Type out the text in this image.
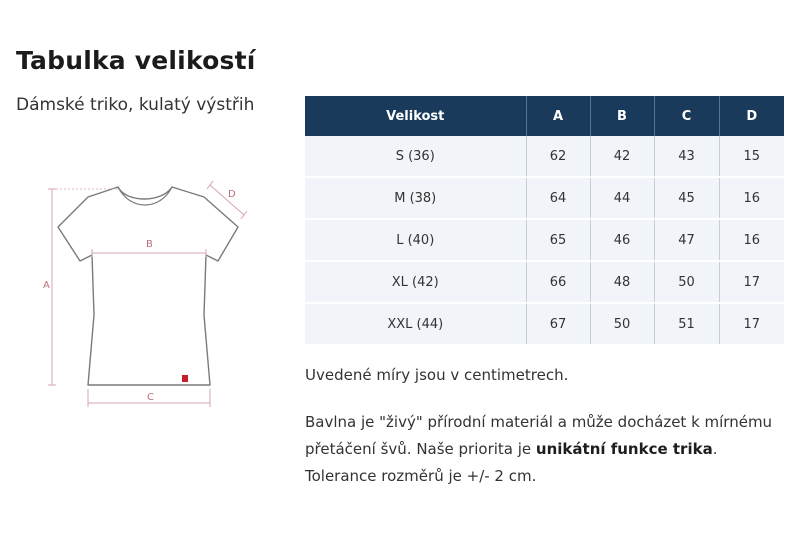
Tabulka velikostí

Dámské triko, kulatý výstřih

A
B
C
D
Velikost	A	B	C	D
S (36)	62	42	43	15
M (38)	64	44	45	16
L (40)	65	46	47	16
XL (42)	66	48	50	17
XXL (44)	67	50	51	17

Uvedené míry jsou v centimetrech.

Bavlna je "živý" přírodní materiál a může docházet k mírnému přetáčení švů. Naše priorita je unikátní funkce trika.
Tolerance rozměrů je +/- 2 cm.
